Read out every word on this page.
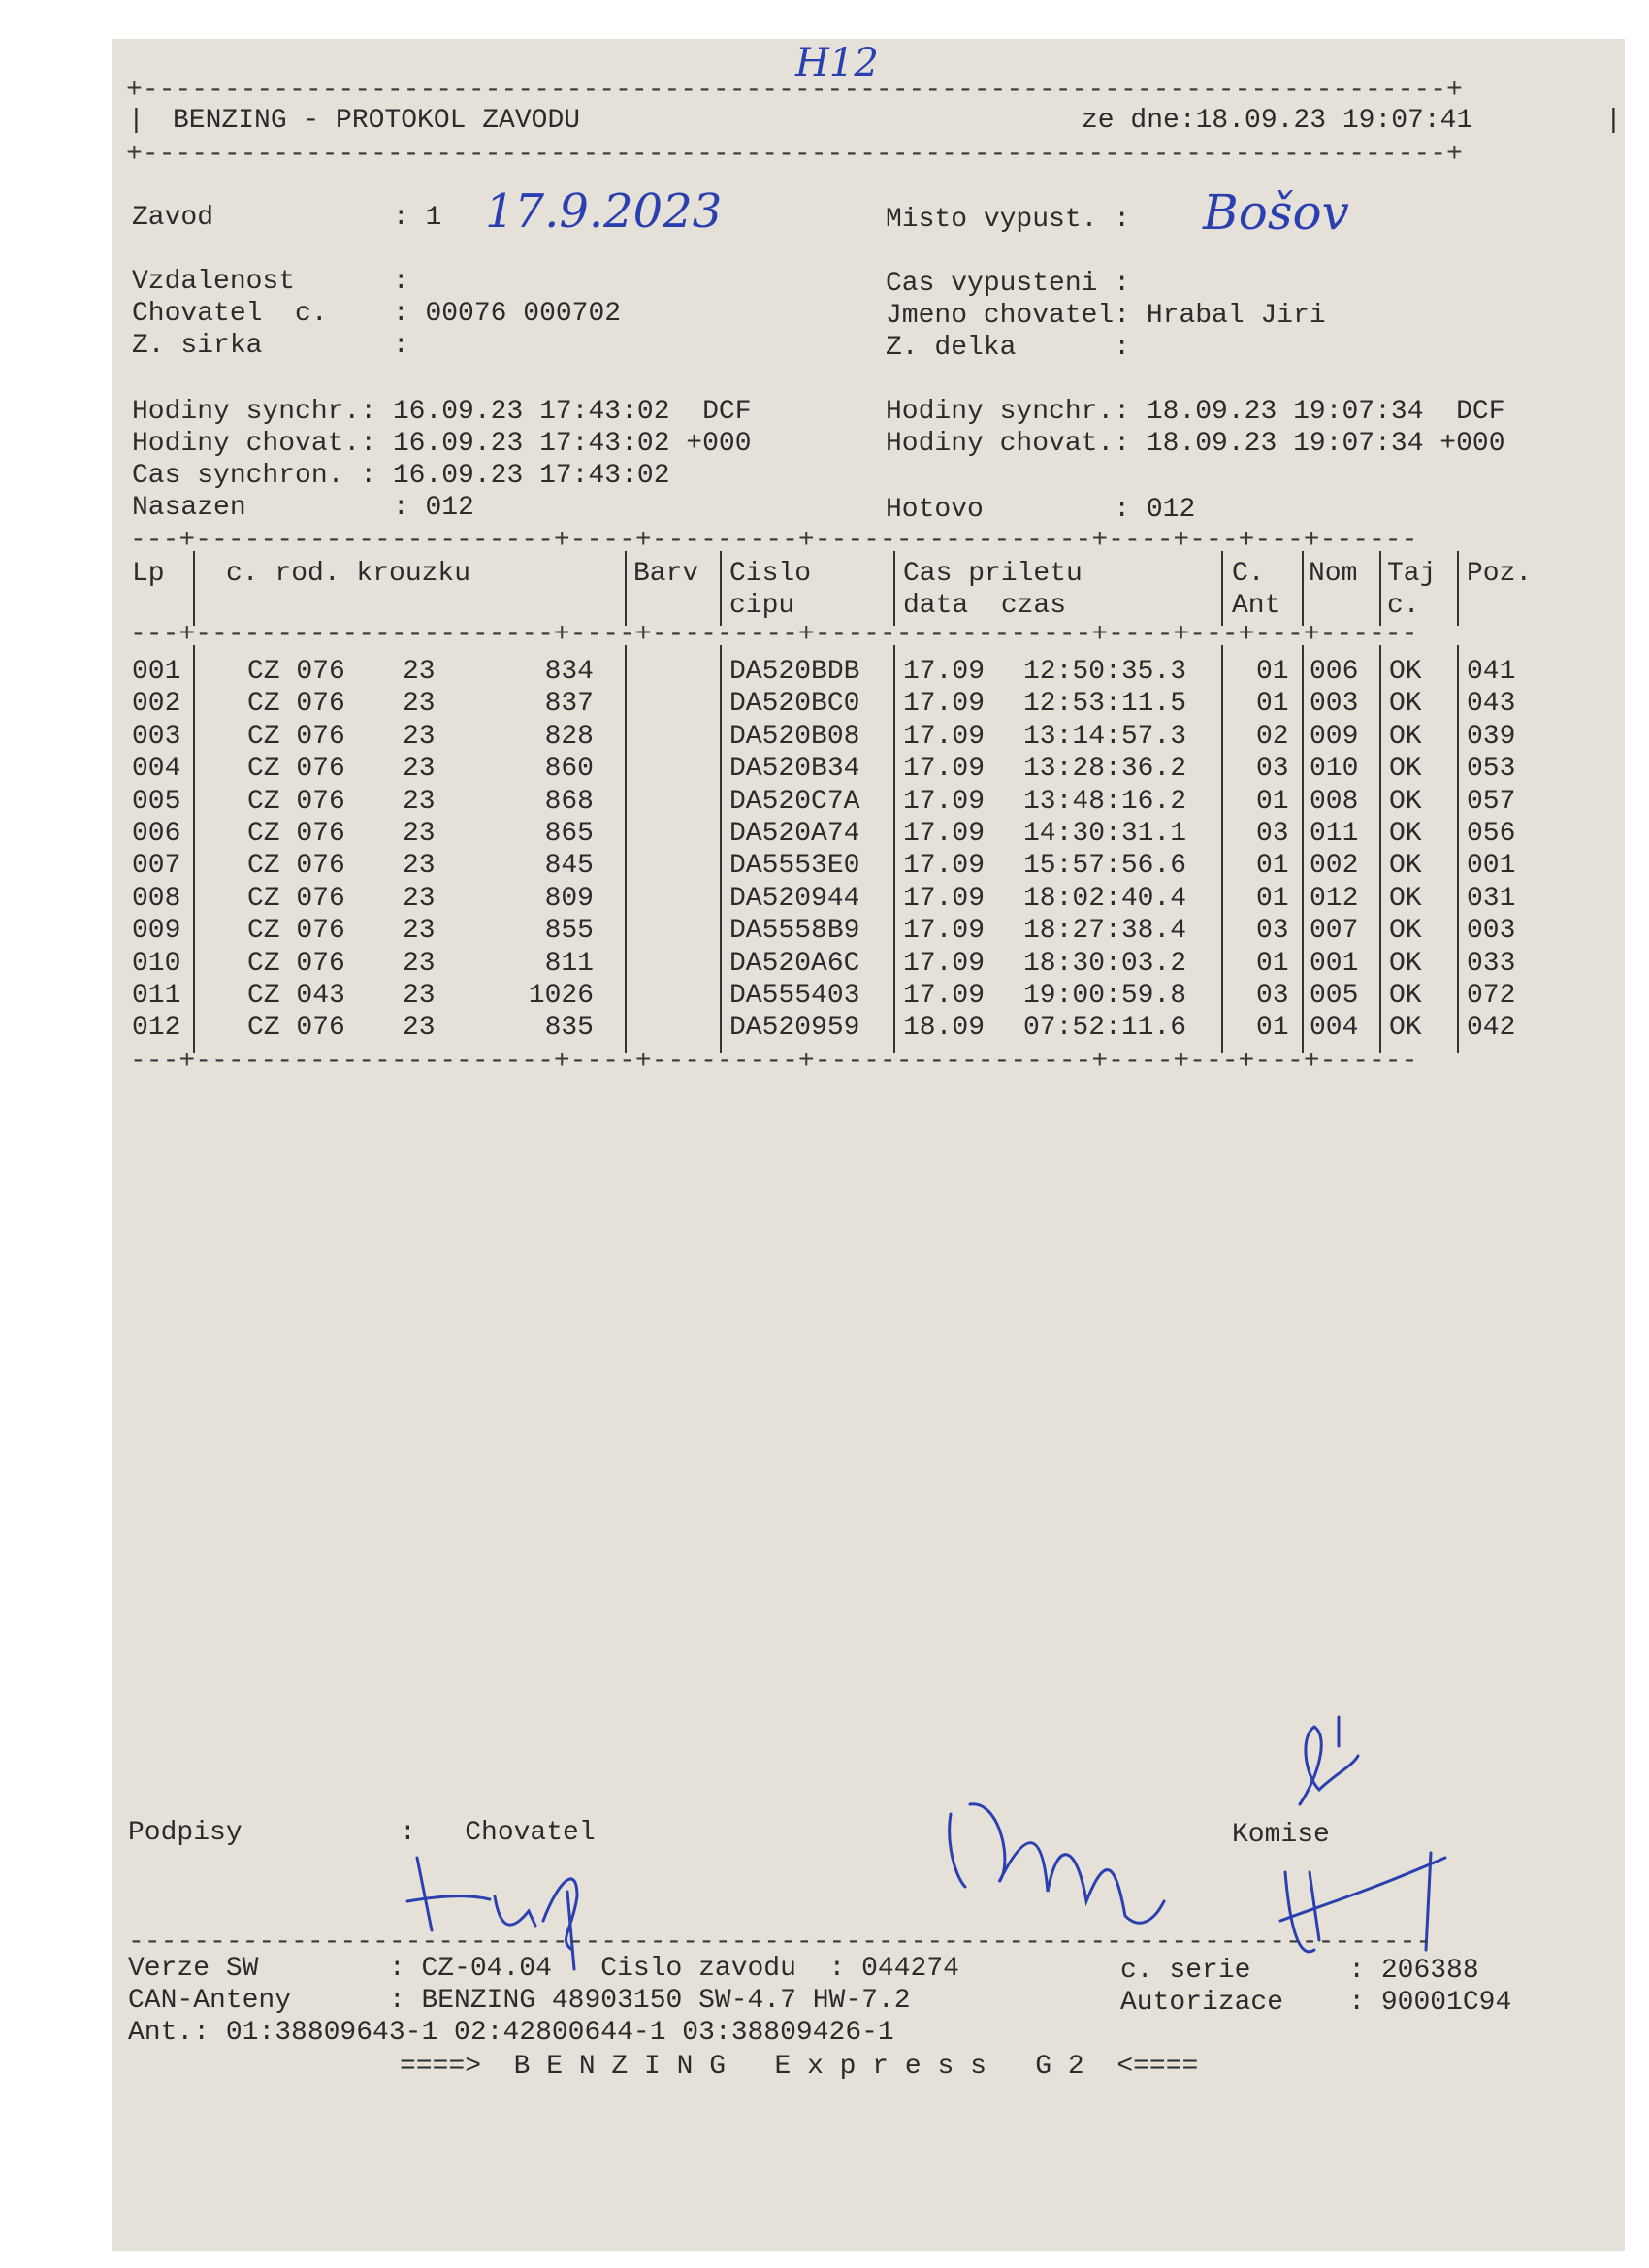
H12
+--------------------------------------------------------------------------------+
| BENZING - PROTOKOL ZAVODU	ze dne:18.09.23 19:07:41	|
+--------------------------------------------------------------------------------+
Zavod           : 1 17.9.2023	Misto vypust. : Bošov
Vzdalenost      :	Cas vypusteni :
Chovatel  c.    : 00076 000702	Jmeno chovatel: Hrabal Jiri
Z. sirka        :	Z. delka      :
Hodiny synchr.: 16.09.23 17:43:02  DCF	Hodiny synchr.: 18.09.23 19:07:34  DCF
Hodiny chovat.: 16.09.23 17:43:02 +000	Hodiny chovat.: 18.09.23 19:07:34 +000
Cas synchron. : 16.09.23 17:43:02
Nasazen         : 012	Hotovo        : 012
---+----------------------+----+---------+-----------------+----+---+---+------
---+----------------------+----+---------+-----------------+----+---+---+------
---+----------------------+----+---------+-----------------+----+---+---+------
Lp c. rod. krouzku	Barv Cislo	Cas priletu	C. Nom Taj Poz.
cipu	data  czas	Ant	c.
001 CZ 076 23	834	DA520BDB 17.09 12:50:35.3	01 006 OK 041
002 CZ 076 23	837	DA520BC0 17.09 12:53:11.5	01 003 OK 043
003 CZ 076 23	828	DA520B08 17.09 13:14:57.3	02 009 OK 039
004 CZ 076 23	860	DA520B34 17.09 13:28:36.2	03 010 OK 053
005 CZ 076 23	868	DA520C7A 17.09 13:48:16.2	01 008 OK 057
006 CZ 076 23	865	DA520A74 17.09 14:30:31.1	03 011 OK 056
007 CZ 076 23	845	DA5553E0 17.09 15:57:56.6	01 002 OK 001
008 CZ 076 23	809	DA520944 17.09 18:02:40.4	01 012 OK 031
009 CZ 076 23	855	DA5558B9 17.09 18:27:38.4	03 007 OK 003
010 CZ 076 23	811	DA520A6C 17.09 18:30:03.2	01 001 OK 033
011 CZ 043 23	1026	DA555403 17.09 19:00:59.8	03 005 OK 072
012 CZ 076 23	835	DA520959 18.09 07:52:11.6	01 004 OK 042
Podpisy	:   Chovatel	Komise
--------------------------------------------------------------------------------
Verze SW        : CZ-04.04   Cislo zavodu  : 044274	c. serie      : 206388
CAN-Anteny      : BENZING 48903150 SW-4.7 HW-7.2	Autorizace    : 90001C94
Ant.: 01:38809643-1 02:42800644-1 03:38809426-1
====>  B E N Z I N G   E x p r e s s   G 2  <====
